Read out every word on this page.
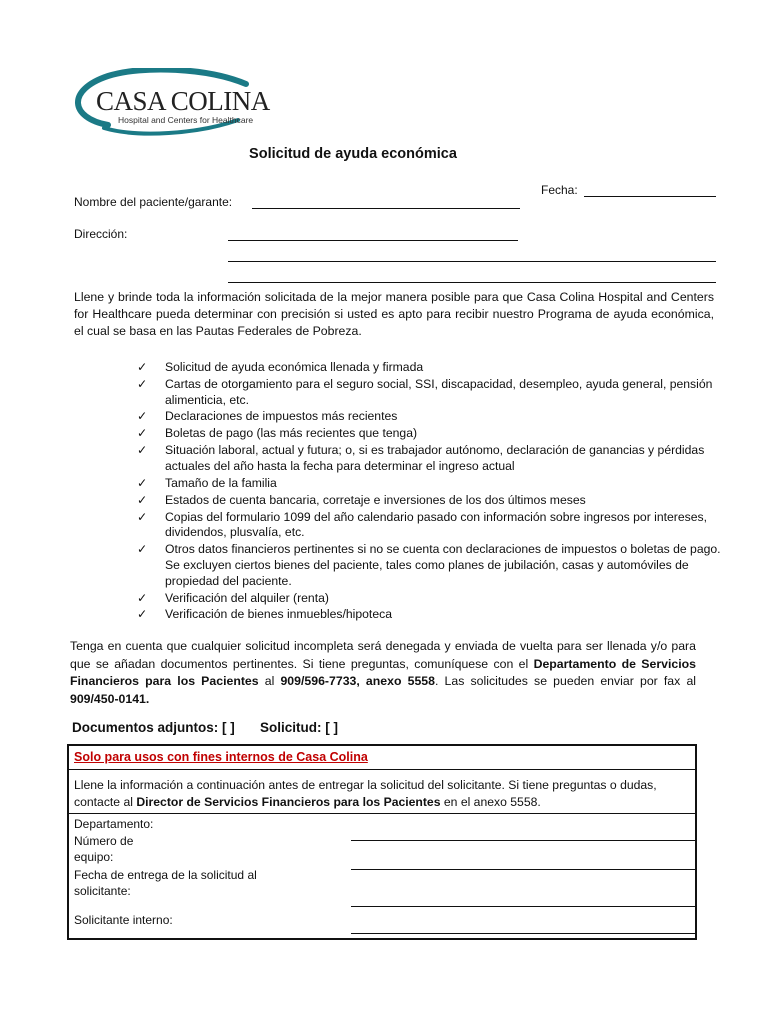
CASA COLINA
Hospital and Centers for Healthcare
Solicitud de ayuda económica
Fecha:
Nombre del paciente/garante:
Dirección:
Llene y brinde toda la información solicitada de la mejor manera posible para que Casa Colina Hospital and Centers for Healthcare pueda determinar con precisión si usted es apto para recibir nuestro Programa de ayuda económica, el cual se basa en las Pautas Federales de Pobreza.
✓ Solicitud de ayuda económica llenada y firmada
✓ Cartas de otorgamiento para el seguro social, SSI, discapacidad, desempleo, ayuda general, pensión alimenticia, etc.
✓ Declaraciones de impuestos más recientes
✓ Boletas de pago (las más recientes que tenga)
✓ Situación laboral, actual y futura; o, si es trabajador autónomo, declaración de ganancias y pérdidas actuales del año hasta la fecha para determinar el ingreso actual
✓ Tamaño de la familia
✓ Estados de cuenta bancaria, corretaje e inversiones de los dos últimos meses
✓ Copias del formulario 1099 del año calendario pasado con información sobre ingresos por intereses, dividendos, plusvalía, etc.
✓ Otros datos financieros pertinentes si no se cuenta con declaraciones de impuestos o boletas de pago. Se excluyen ciertos bienes del paciente, tales como planes de jubilación, casas y automóviles de propiedad del paciente.
✓ Verificación del alquiler (renta)
✓ Verificación de bienes inmuebles/hipoteca
Tenga en cuenta que cualquier solicitud incompleta será denegada y enviada de vuelta para ser llenada y/o para que se añadan documentos pertinentes. Si tiene preguntas, comuníquese con el Departamento de Servicios Financieros para los Pacientes al 909/596-7733, anexo 5558. Las solicitudes se pueden enviar por fax al 909/450-0141.
Documentos adjuntos: [ ] Solicitud: [ ]
Solo para usos con fines internos de Casa Colina
Llene la información a continuación antes de entregar la solicitud del solicitante. Si tiene preguntas o dudas, contacte al Director de Servicios Financieros para los Pacientes en el anexo 5558.
Departamento:
Número de equipo:
Fecha de entrega de la solicitud al solicitante:
Solicitante interno:
